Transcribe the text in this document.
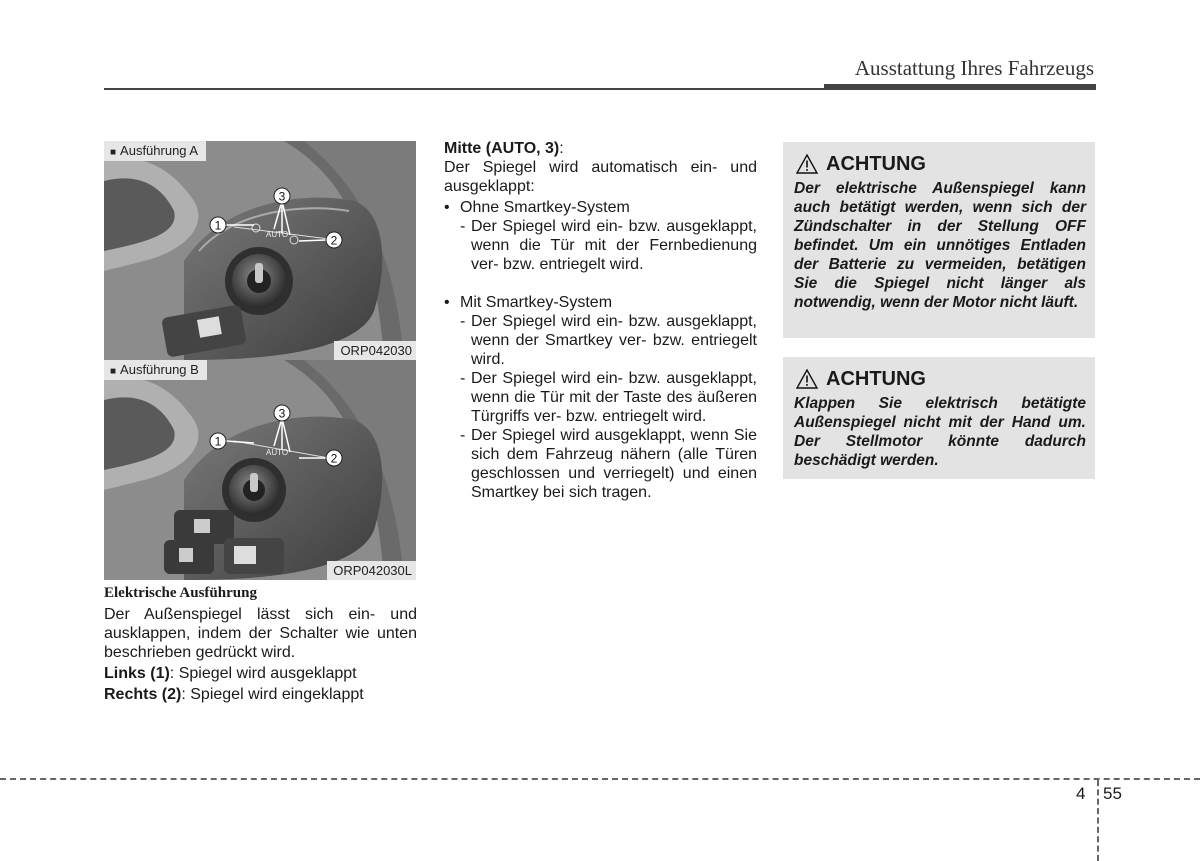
Ausstattung Ihres Fahrzeugs
■ Ausführung A
AUTO
1
2
3
ORP042030
■ Ausführung B
AUTO
1
2
3
ORP042030L
Elektrische Ausführung
Der Außenspiegel lässt sich ein- und ausklappen, indem der Schalter wie unten beschrieben gedrückt wird.
Links (1): Spiegel wird ausgeklappt
Rechts (2): Spiegel wird eingeklappt
Mitte (AUTO, 3):
Der Spiegel wird automatisch ein- und ausgeklappt:
• Ohne Smartkey-System
- Der Spiegel wird ein- bzw. ausgeklappt, wenn die Tür mit der Fernbedienung ver- bzw. entriegelt wird.
• Mit Smartkey-System
- Der Spiegel wird ein- bzw. ausgeklappt, wenn der Smartkey ver- bzw. entriegelt wird.
- Der Spiegel wird ein- bzw. ausgeklappt, wenn die Tür mit der Taste des äußeren Türgriffs ver- bzw. entriegelt wird.
- Der Spiegel wird ausgeklappt, wenn Sie sich dem Fahrzeug nähern (alle Türen geschlossen und verriegelt) und einen Smartkey bei sich tragen.
ACHTUNG
Der elektrische Außenspiegel kann auch betätigt werden, wenn sich der Zündschalter in der Stellung OFF befindet. Um ein unnötiges Entladen der Batterie zu vermeiden, betätigen Sie die Spiegel nicht länger als notwendig, wenn der Motor nicht läuft.
ACHTUNG
Klappen Sie elektrisch betätigte Außenspiegel nicht mit der Hand um. Der Stellmotor könnte dadurch beschädigt werden.
4 55
